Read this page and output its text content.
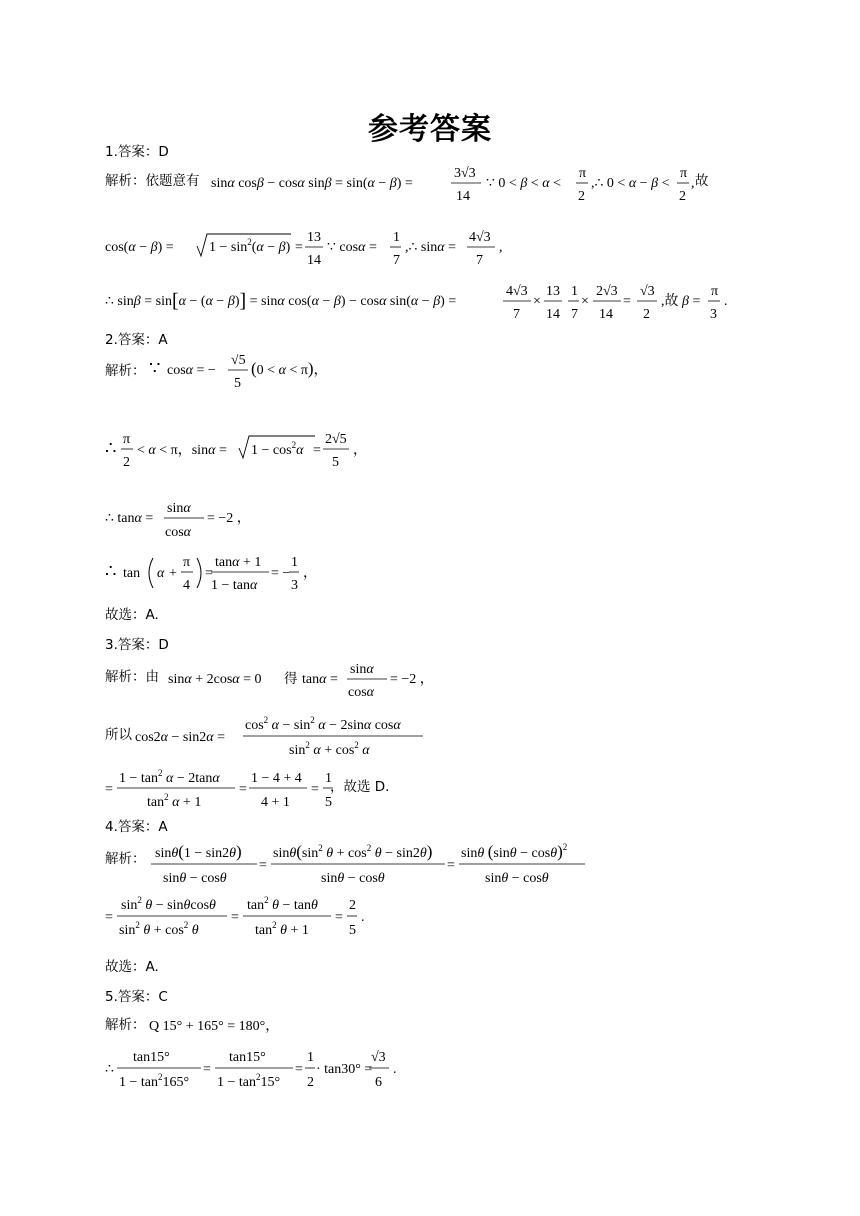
参考答案
1.答案：D
解析：依题意有 sinα cosβ − cosα sinβ = sin(α − β) =
3√3
14
∵ 0 < β < α <
π
2
,∴ 0 < α − β <
π
2
, 故
cos(α − β) =	$1 - \sin^2(\alpha - \beta)$ =
13
14
∵ cosα =
1
7
,∴ sinα =
4√3
7
,
∴ sinβ = sin[α − (α − β)] = sinα cos(α − β) − cosα sin(α − β) =
4√3
7
×
13
14
1
7
×
2√3
14
=
√3
2
,故 β =
π
3
.
2.答案：A
解析： ∵ cosα = −
√5
5
(0 < α < π)，
∴ π
2
< α < π，$\sin\alpha = 1 - \cos^2\alpha$ =
2√5
5
，
∴ tanα =
sinα
cosα
= −2 ，
∴ tan α +
π
4
=
tanα + 1
1 − tanα
= −
1
3
，
故选：A.
3.答案：D
解析：由 sinα + 2cosα = 0 得 tanα =
sinα
cosα
= −2 ，
所以 cos2α − sin2α =
$\cos^2 \alpha - \sin^2 \alpha - 2\sin\alpha$ cosα
$\sin^2 \alpha + \cos^2 \alpha$
=
$1 - \tan^2 \alpha - 2\tan\alpha$
$\tan^2 \alpha + 1$
=
1 − 4 + 4
4 + 1
=
1
5
，故选 D.
4.答案：A
解析： sinθ(1 − sin2θ)
sinθ − cosθ
=
$\sin\theta(\sin^2$ $\theta + \cos^2 \theta - \sin 2\theta$)
sinθ − cosθ
=
sinθ $(\sin\theta - \cos\theta)^2$
sinθ − cosθ
=
$\sin^2 \theta - \sin\theta\cos\theta$
$\sin^2 \theta + \cos^2 \theta$
=
$\tan^2 \theta - \tan\theta$
$\tan^2 \theta + 1$
=
2
5
.
故选：A.
5.答案：C
解析： Q 15° + 165° = 180°，
∴
tan15°
$1 - \tan^2165^\circ$
=
tan15°
$1 - \tan^215^\circ$
=
1
2
· tan30° =
√3
6
.
